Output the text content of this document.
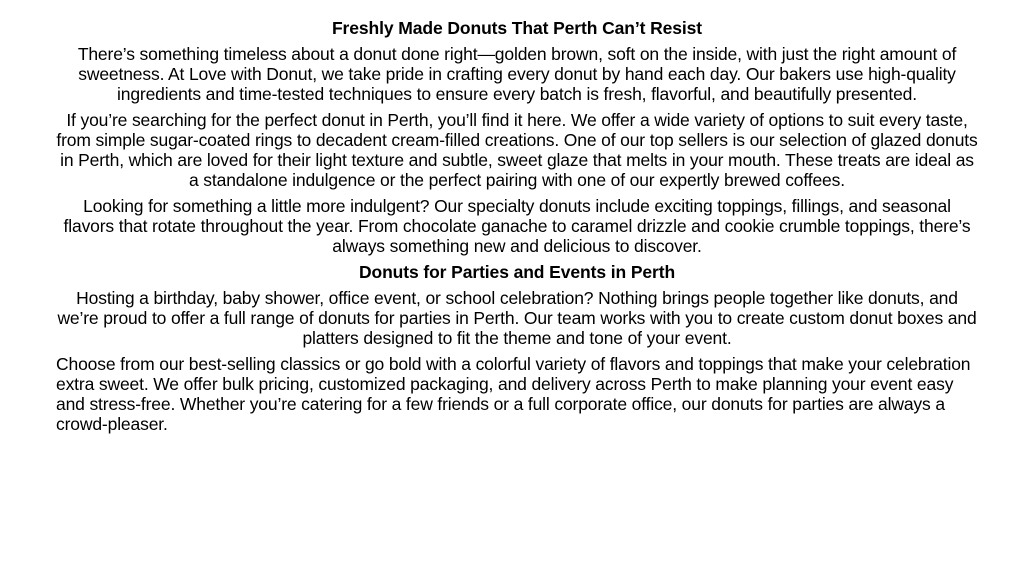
Freshly Made Donuts That Perth Can’t Resist
There’s something timeless about a donut done right—golden brown, soft on the inside, with just the right amount of sweetness. At Love with Donut, we take pride in crafting every donut by hand each day. Our bakers use high-quality ingredients and time-tested techniques to ensure every batch is fresh, flavorful, and beautifully presented.
If you’re searching for the perfect donut in Perth, you’ll find it here. We offer a wide variety of options to suit every taste, from simple sugar-coated rings to decadent cream-filled creations. One of our top sellers is our selection of glazed donuts in Perth, which are loved for their light texture and subtle, sweet glaze that melts in your mouth. These treats are ideal as a standalone indulgence or the perfect pairing with one of our expertly brewed coffees.
Looking for something a little more indulgent? Our specialty donuts include exciting toppings, fillings, and seasonal flavors that rotate throughout the year. From chocolate ganache to caramel drizzle and cookie crumble toppings, there’s always something new and delicious to discover.
Donuts for Parties and Events in Perth
Hosting a birthday, baby shower, office event, or school celebration? Nothing brings people together like donuts, and we’re proud to offer a full range of donuts for parties in Perth. Our team works with you to create custom donut boxes and platters designed to fit the theme and tone of your event.
Choose from our best-selling classics or go bold with a colorful variety of flavors and toppings that make your celebration extra sweet. We offer bulk pricing, customized packaging, and delivery across Perth to make planning your event easy and stress-free. Whether you’re catering for a few friends or a full corporate office, our donuts for parties are always a crowd-pleaser.
